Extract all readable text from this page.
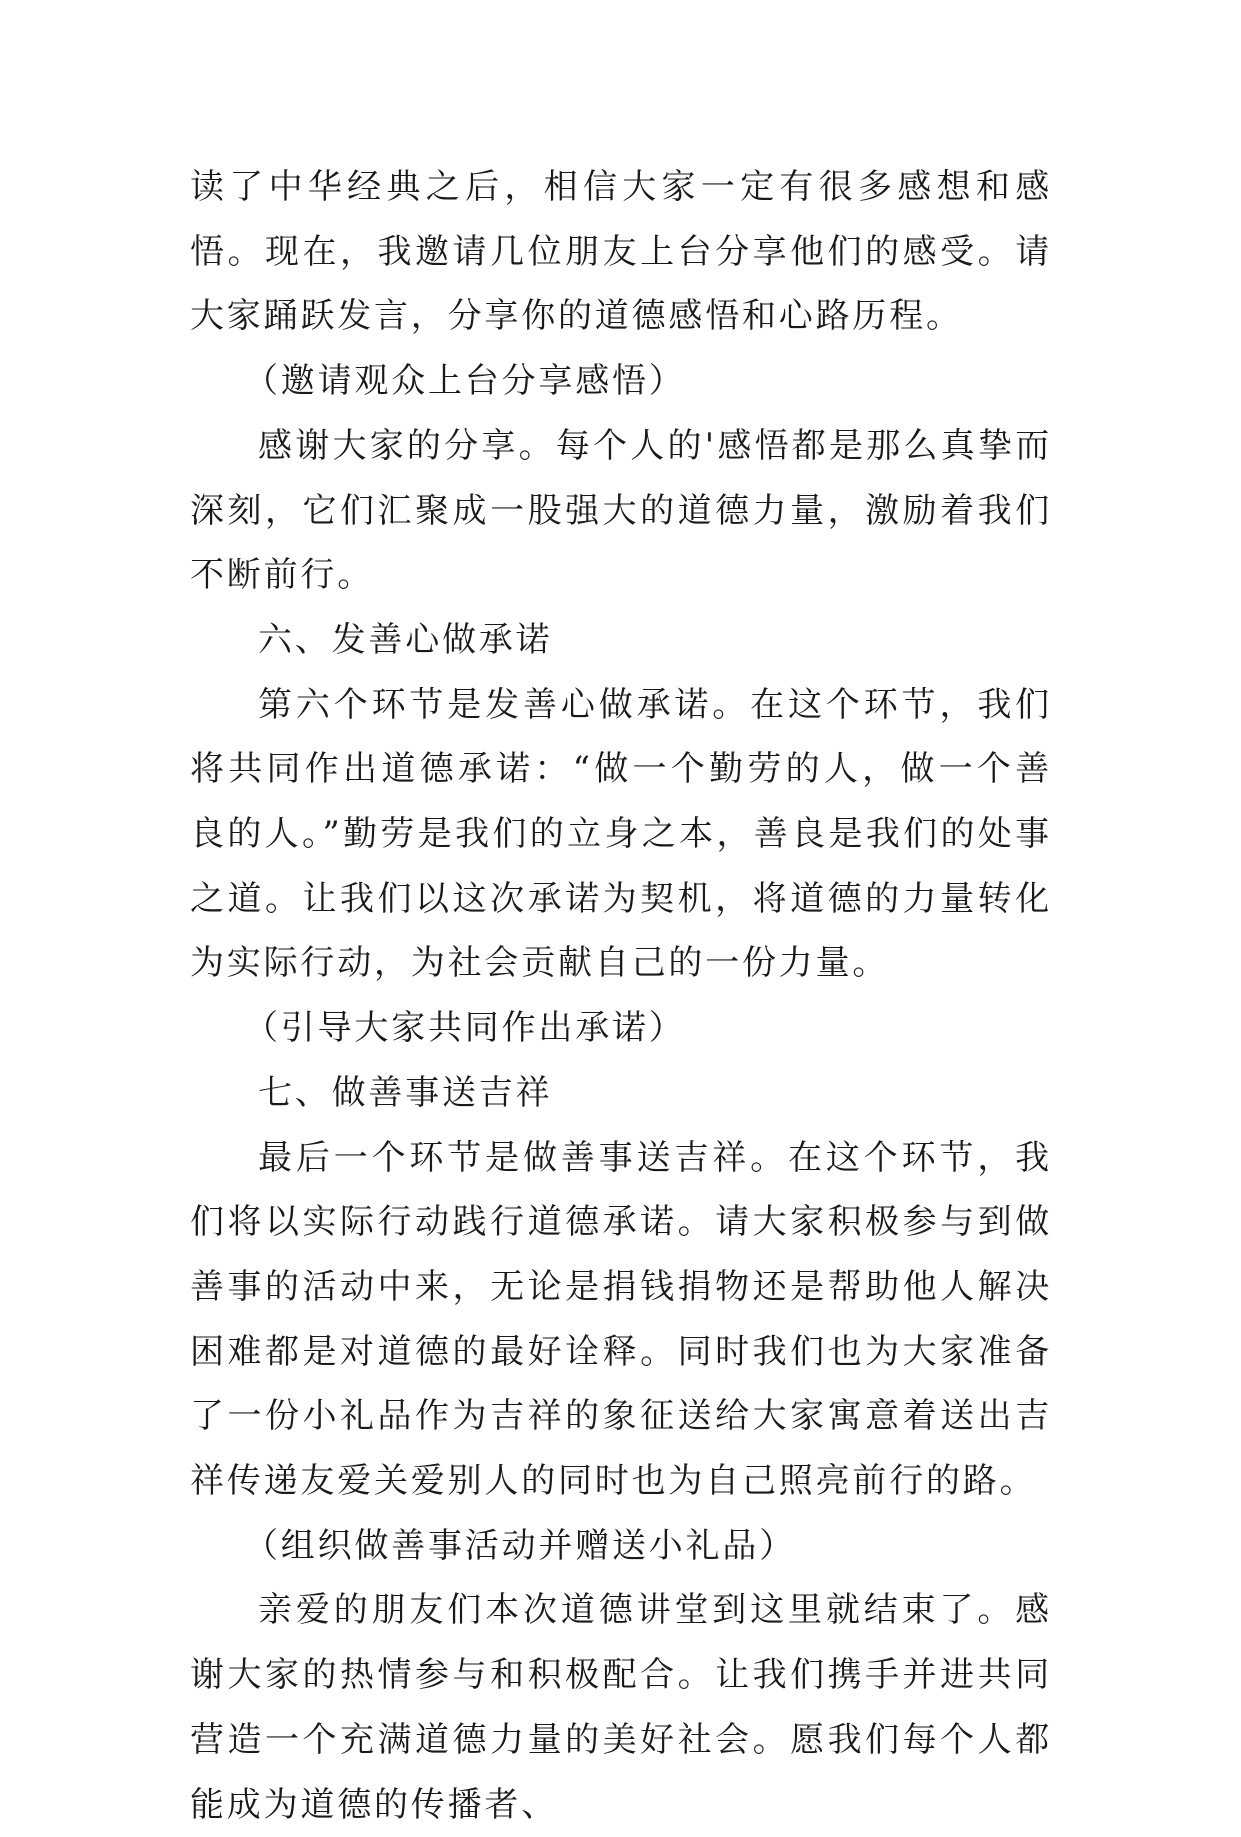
读了中华经典之后，相信大家一定有很多感想和感悟。现在，我邀请几位朋友上台分享他们的感受。请大家踊跃发言，分享你的道德感悟和心路历程。

（邀请观众上台分享感悟）

感谢大家的分享。每个人的'感悟都是那么真挚而深刻，它们汇聚成一股强大的道德力量，激励着我们不断前行。

六、发善心做承诺

第六个环节是发善心做承诺。在这个环节，我们将共同作出道德承诺：“做一个勤劳的人，做一个善良的人。”勤劳是我们的立身之本，善良是我们的处事之道。让我们以这次承诺为契机，将道德的力量转化为实际行动，为社会贡献自己的一份力量。

（引导大家共同作出承诺）

七、做善事送吉祥

最后一个环节是做善事送吉祥。在这个环节，我们将以实际行动践行道德承诺。请大家积极参与到做善事的活动中来，无论是捐钱捐物还是帮助他人解决困难都是对道德的最好诠释。同时我们也为大家准备了一份小礼品作为吉祥的象征送给大家寓意着送出吉祥传递友爱关爱别人的同时也为自己照亮前行的路。

（组织做善事活动并赠送小礼品）

亲爱的朋友们本次道德讲堂到这里就结束了。感谢大家的热情参与和积极配合。让我们携手并进共同营造一个充满道德力量的美好社会。愿我们每个人都能成为道德的传播者、
